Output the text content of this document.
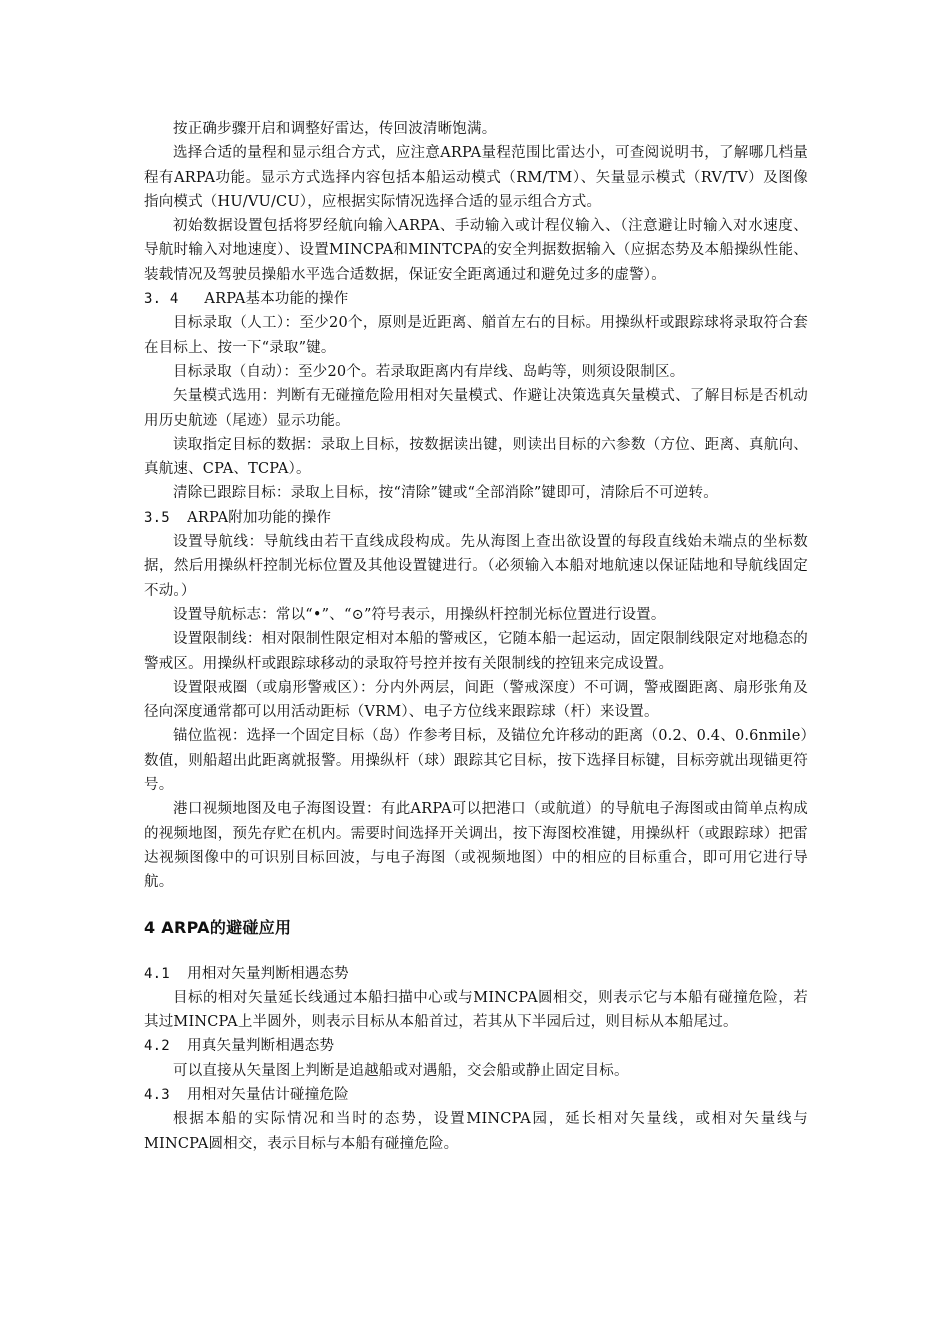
按正确步骤开启和调整好雷达，传回波清晰饱满。

选择合适的量程和显示组合方式，应注意ARPA量程范围比雷达小，可查阅说明书，了解哪几档量程有ARPA功能。显示方式选择内容包括本船运动模式（RM/TM）、矢量显示模式（RV/TV）及图像指向模式（HU/VU/CU），应根据实际情况选择合适的显示组合方式。

初始数据设置包括将罗经航向输入ARPA、手动输入或计程仪输入、（注意避让时输入对水速度、导航时输入对地速度）、设置MINCPA和MINTCPA的安全判据数据输入（应据态势及本船操纵性能、装载情况及驾驶员操船水平选合适数据，保证安全距离通过和避免过多的虚警）。

3. 4 ARPA基本功能的操作

目标录取（人工）：至少20个，原则是近距离、艏首左右的目标。用操纵杆或跟踪球将录取符合套在目标上、按一下“录取”键。

目标录取（自动）：至少20个。若录取距离内有岸线、岛屿等，则须设限制区。

矢量模式选用：判断有无碰撞危险用相对矢量模式、作避让决策选真矢量模式、了解目标是否机动用历史航迹（尾迹）显示功能。

读取指定目标的数据：录取上目标，按数据读出键，则读出目标的六参数（方位、距离、真航向、真航速、CPA、TCPA）。

清除已跟踪目标：录取上目标，按“清除”键或“全部消除”键即可，清除后不可逆转。

3.5 ARPA附加功能的操作

设置导航线：导航线由若干直线成段构成。先从海图上查出欲设置的每段直线始未端点的坐标数据，然后用操纵杆控制光标位置及其他设置键进行。（必须输入本船对地航速以保证陆地和导航线固定不动。）

设置导航标志：常以“•”、“⊙”符号表示，用操纵杆控制光标位置进行设置。

设置限制线：相对限制性限定相对本船的警戒区，它随本船一起运动，固定限制线限定对地稳态的警戒区。用操纵杆或跟踪球移动的录取符号控并按有关限制线的控钮来完成设置。

设置限戒圈（或扇形警戒区）：分内外两层，间距（警戒深度）不可调，警戒圈距离、扇形张角及径向深度通常都可以用活动距标（VRM）、电子方位线来跟踪球（杆）来设置。

锚位监视：选择一个固定目标（岛）作参考目标，及锚位允许移动的距离（0.2、0.4、0.6nmile）数值，则船超出此距离就报警。用操纵杆（球）跟踪其它目标，按下选择目标键，目标旁就出现锚更符号。

港口视频地图及电子海图设置：有此ARPA可以把港口（或航道）的导航电子海图或由简单点构成的视频地图，预先存贮在机内。需要时间选择开关调出，按下海图校准键，用操纵杆（或跟踪球）把雷达视频图像中的可识别目标回波，与电子海图（或视频地图）中的相应的目标重合，即可用它进行导航。

4 ARPA的避碰应用
4.1 用相对矢量判断相遇态势

目标的相对矢量延长线通过本船扫描中心或与MINCPA圆相交，则表示它与本船有碰撞危险，若其过MINCPA上半圆外，则表示目标从本船首过，若其从下半园后过，则目标从本船尾过。

4.2 用真矢量判断相遇态势

可以直接从矢量图上判断是追越船或对遇船，交会船或静止固定目标。

4.3 用相对矢量估计碰撞危险

根据本船的实际情况和当时的态势，设置MINCPA园，延长相对矢量线，或相对矢量线与MINCPA圆相交，表示目标与本船有碰撞危险。
